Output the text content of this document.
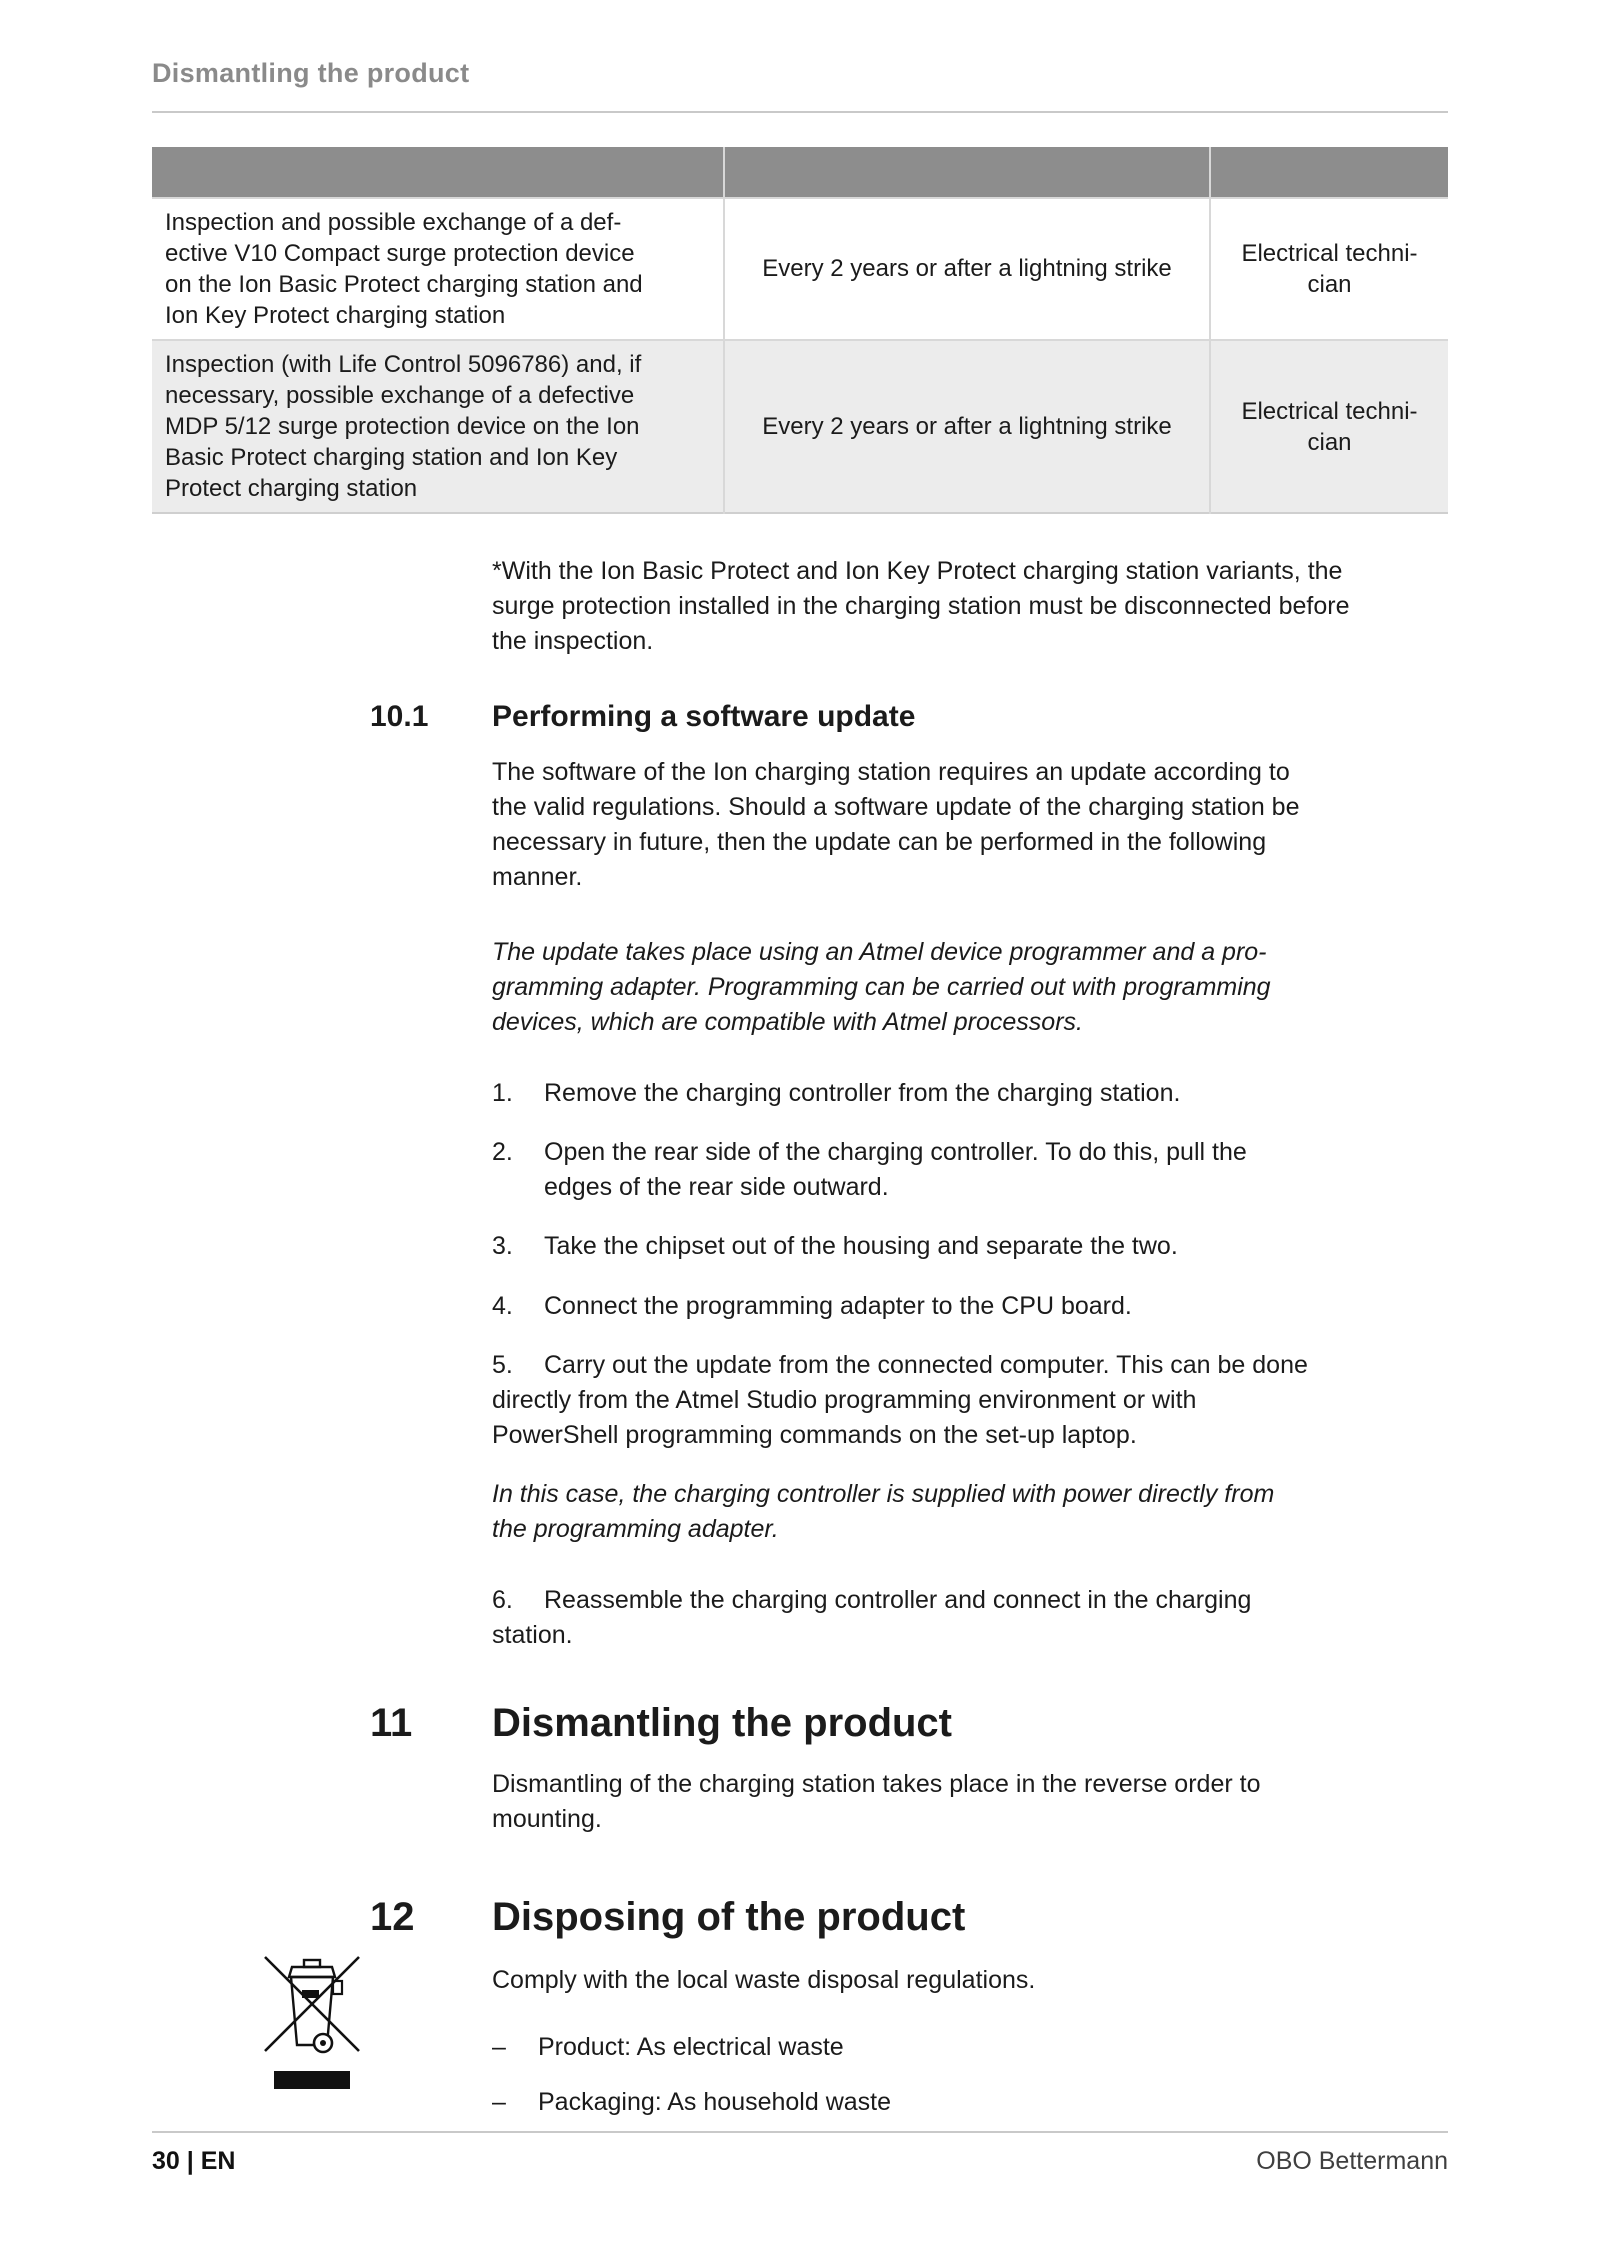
Dismantling the product

Inspection and possible exchange of a def-
ective V10 Compact surge protection device
on the Ion Basic Protect charging station and
Ion Key Protect charging station
	Every 2 years or after a lightning strike	
Electrical techni-
cian

Inspection (with Life Control 5096786) and, if
necessary, possible exchange of a defective
MDP 5/12 surge protection device on the Ion
Basic Protect charging station and Ion Key
Protect charging station
	Every 2 years or after a lightning strike	
Electrical techni-
cian
*With the Ion Basic Protect and Ion Key Protect charging station variants, the
surge protection installed in the charging station must be disconnected before
the inspection.
10.1	Performing a software update
The software of the Ion charging station requires an update according to
the valid regulations. Should a software update of the charging station be
necessary in future, then the update can be performed in the following
manner.
The update takes place using an Atmel device programmer and a pro-
gramming adapter. Programming can be carried out with programming
devices, which are compatible with Atmel processors.
1.	Remove the charging controller from the charging station.
2.	Open the rear side of the charging controller. To do this, pull the
edges of the rear side outward.
3.	Take the chipset out of the housing and separate the two.
4.	Connect the programming adapter to the CPU board.
5.	Carry out the update from the connected computer. This can be done
directly from the Atmel Studio programming environment or with
PowerShell programming commands on the set-up laptop.
In this case, the charging controller is supplied with power directly from
the programming adapter.
6.	Reassemble the charging controller and connect in the charging
station.
11	Dismantling the product
Dismantling of the charging station takes place in the reverse order to
mounting.
12	Disposing of the product
Comply with the local waste disposal regulations.
–	Product: As electrical waste
–	Packaging: As household waste
30 | EN	OBO Bettermann
